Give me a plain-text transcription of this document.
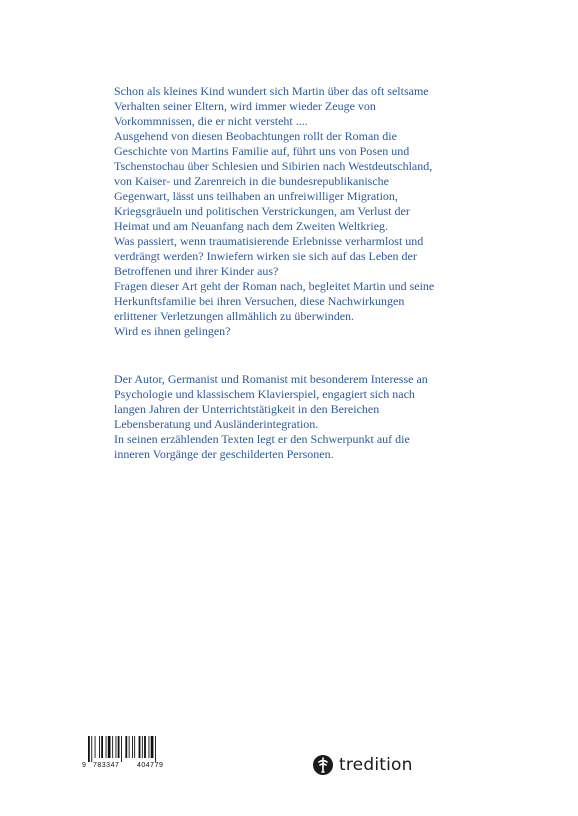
Schon als kleines Kind wundert sich Martin über das oft seltsame

Verhalten seiner Eltern, wird immer wieder Zeuge von

Vorkommnissen, die er nicht versteht ....

Ausgehend von diesen Beobachtungen rollt der Roman die

Geschichte von Martins Familie auf, führt uns von Posen und

Tschenstochau über Schlesien und Sibirien nach Westdeutschland,

von Kaiser- und Zarenreich in die bundesrepublikanische

Gegenwart, lässt uns teilhaben an unfreiwilliger Migration,

Kriegsgräueln und politischen Verstrickungen, am Verlust der

Heimat und am Neuanfang nach dem Zweiten Weltkrieg.

Was passiert, wenn traumatisierende Erlebnisse verharmlost und

verdrängt werden? Inwiefern wirken sie sich auf das Leben der

Betroffenen und ihrer Kinder aus?

Fragen dieser Art geht der Roman nach, begleitet Martin und seine

Herkunftsfamilie bei ihren Versuchen, diese Nachwirkungen

erlittener Verletzungen allmählich zu überwinden.

Wird es ihnen gelingen?

Der Autor, Germanist und Romanist mit besonderem Interesse an

Psychologie und klassischem Klavierspiel, engagiert sich nach

langen Jahren der Unterrichtstätigkeit in den Bereichen

Lebensberatung und Ausländerintegration.

In seinen erzählenden Texten legt er den Schwerpunkt auf die

inneren Vorgänge der geschilderten Personen.

9 783347	404779	tredition
